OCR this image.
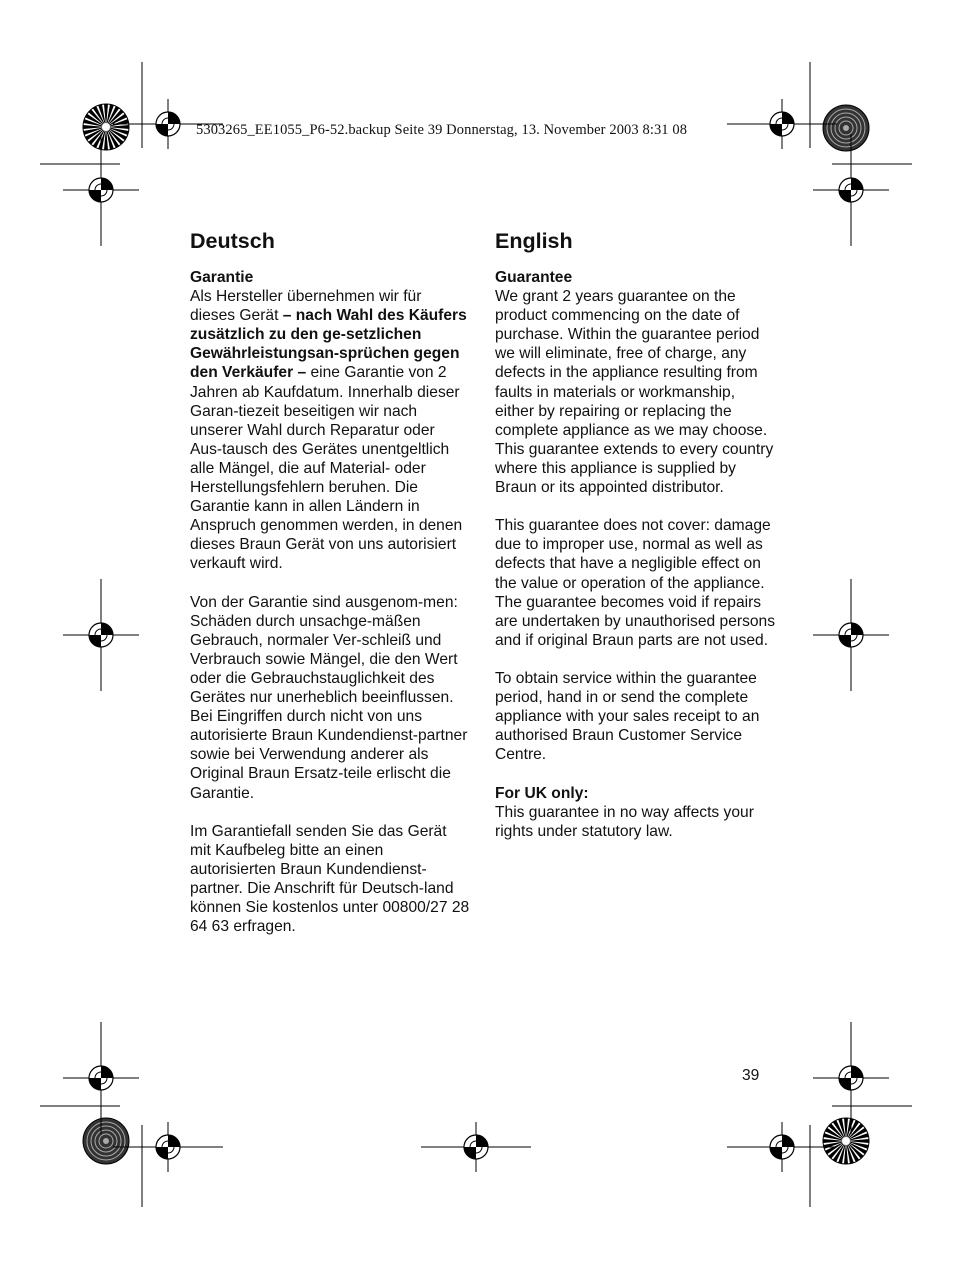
5303265_EE1055_P6-52.backup Seite 39 Donnerstag, 13. November 2003 8:31 08
Deutsch

Garantie

Als Hersteller übernehmen wir für dieses Gerät – nach Wahl des Käufers zusätzlich zu den ge-setzlichen Gewährleistungsan-sprüchen gegen den Verkäufer – eine Garantie von 2 Jahren ab Kaufdatum. Innerhalb dieser Garan-tiezeit beseitigen wir nach unserer Wahl durch Reparatur oder Aus-tausch des Gerätes unentgeltlich alle Mängel, die auf Material- oder Herstellungsfehlern beruhen. Die Garantie kann in allen Ländern in Anspruch genommen werden, in denen dieses Braun Gerät von uns autorisiert verkauft wird.

Von der Garantie sind ausgenom-men: Schäden durch unsachge-mäßen Gebrauch, normaler Ver-schleiß und Verbrauch sowie Mängel, die den Wert oder die Gebrauchstauglichkeit des Gerätes nur unerheblich beeinflussen. Bei Eingriffen durch nicht von uns autorisierte Braun Kundendienst-partner sowie bei Verwendung anderer als Original Braun Ersatz-teile erlischt die Garantie.

Im Garantiefall senden Sie das Gerät mit Kaufbeleg bitte an einen autorisierten Braun Kundendienst-partner. Die Anschrift für Deutsch-land können Sie kostenlos unter 00800/27 28 64 63 erfragen.

English

Guarantee

We grant 2 years guarantee on the product commencing on the date of purchase. Within the guarantee period we will eliminate, free of charge, any defects in the appliance resulting from faults in materials or workmanship, either by repairing or replacing the complete appliance as we may choose.

This guarantee extends to every country where this appliance is supplied by Braun or its appointed distributor.

This guarantee does not cover: damage due to improper use, normal as well as defects that have a negligible effect on the value or operation of the appliance. The guarantee becomes void if repairs are undertaken by unauthorised persons and if original Braun parts are not used.

To obtain service within the guarantee period, hand in or send the complete appliance with your sales receipt to an authorised Braun Customer Service Centre.

For UK only:

This guarantee in no way affects your rights under statutory law.

39
